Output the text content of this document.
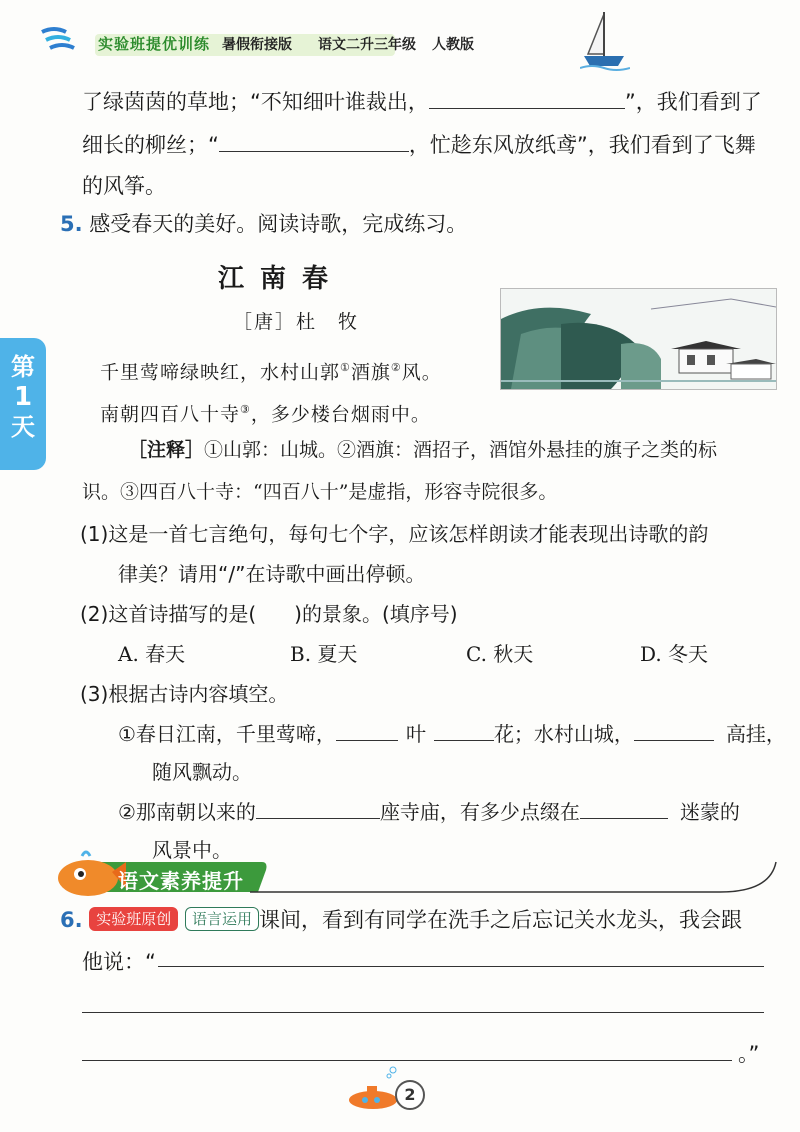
实验班提优训练 暑假衔接版 语文二升三年级 人教版
第
1
天
了绿茵茵的草地；“不知细叶谁裁出，	”，我们看到了
细长的柳丝；“	，忙趁东风放纸鸢”，我们看到了飞舞
的风筝。
5. 感受春天的美好。阅读诗歌，完成练习。
江南春
［唐］杜　牧
千里莺啼绿映红，水村山郭①酒旗②风。
南朝四百八十寺③，多少楼台烟雨中。
［注释］①山郭：山城。②酒旗：酒招子，酒馆外悬挂的旗子之类的标
识。③四百八十寺：“四百八十”是虚指，形容寺院很多。
(1)这是一首七言绝句，每句七个字，应该怎样朗读才能表现出诗歌的韵
律美？请用“/”在诗歌中画出停顿。
(2)这首诗描写的是( )的景象。(填序号)
A. 春天	B. 夏天	C. 秋天	D. 冬天
(3)根据古诗内容填空。
①春日江南，千里莺啼，	叶	花；水村山城，	高挂，
随风飘动。
②那南朝以来的	座寺庙，有多少点缀在	迷蒙的
风景中。
语文素养提升
6. 实验班原创 语言运用 课间，看到有同学在洗手之后忘记关水龙头，我会跟
他说：“
。”
2
